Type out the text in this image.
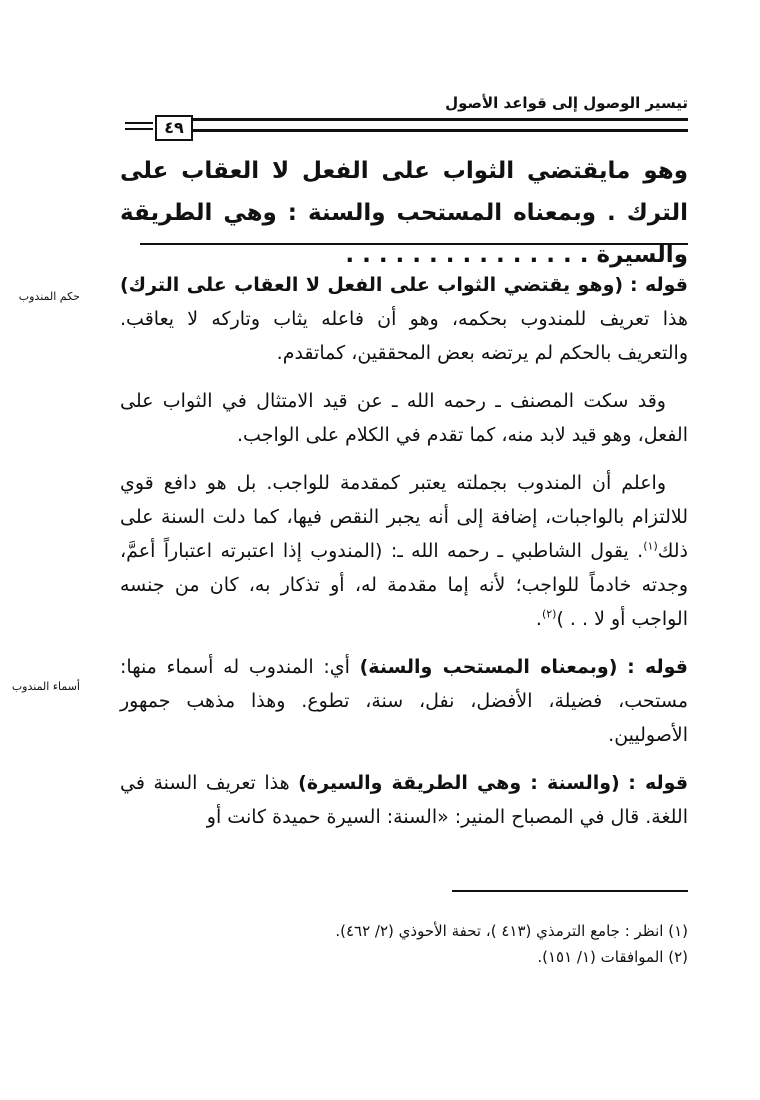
تيسير الوصول إلى قواعد الأصول
٤٩
وهو مايقتضي الثواب على الفعل لا العقاب على الترك . وبمعناه المستحب والسنة : وهي الطريقة والسيرة . . . . . . . . . . . . . . .
حكم المندوب
أسماء المندوب

قوله : (وهو يقتضي الثواب على الفعل لا العقاب على الترك) هذا تعريف للمندوب بحكمه، وهو أن فاعله يثاب وتاركه لا يعاقب. والتعريف بالحكم لم يرتضه بعض المحققين، كماتقدم.

وقد سكت المصنف ـ رحمه الله ـ عن قيد الامتثال في الثواب على الفعل، وهو قيد لابد منه، كما تقدم في الكلام على الواجب.

واعلم أن المندوب بجملته يعتبر كمقدمة للواجب. بل هو دافع قوي للالتزام بالواجبات، إضافة إلى أنه يجبر النقص فيها، كما دلت السنة على ذلك$^{(١)}$. يقول الشاطبي ـ رحمه الله ـ: (المندوب إذا اعتبرته اعتباراً أعمَّ، وجدته خادماً للواجب؛ لأنه إما مقدمة له، أو تذكار به، كان من جنسه الواجب أو لا . . )$^{(٢)}$.

قوله : (وبمعناه المستحب والسنة) أي: المندوب له أسماء منها: مستحب، فضيلة، الأفضل، نفل، سنة، تطوع. وهذا مذهب جمهور الأصوليين.

قوله : (والسنة : وهي الطريقة والسيرة) هذا تعريف السنة في اللغة. قال في المصباح المنير: «السنة: السيرة حميدة كانت أو

(١) انظر : جامع الترمذي (٤١٣ )، تحفة الأحوذي (٢/ ٤٦٢).

(٢) الموافقات (١/ ١٥١).
